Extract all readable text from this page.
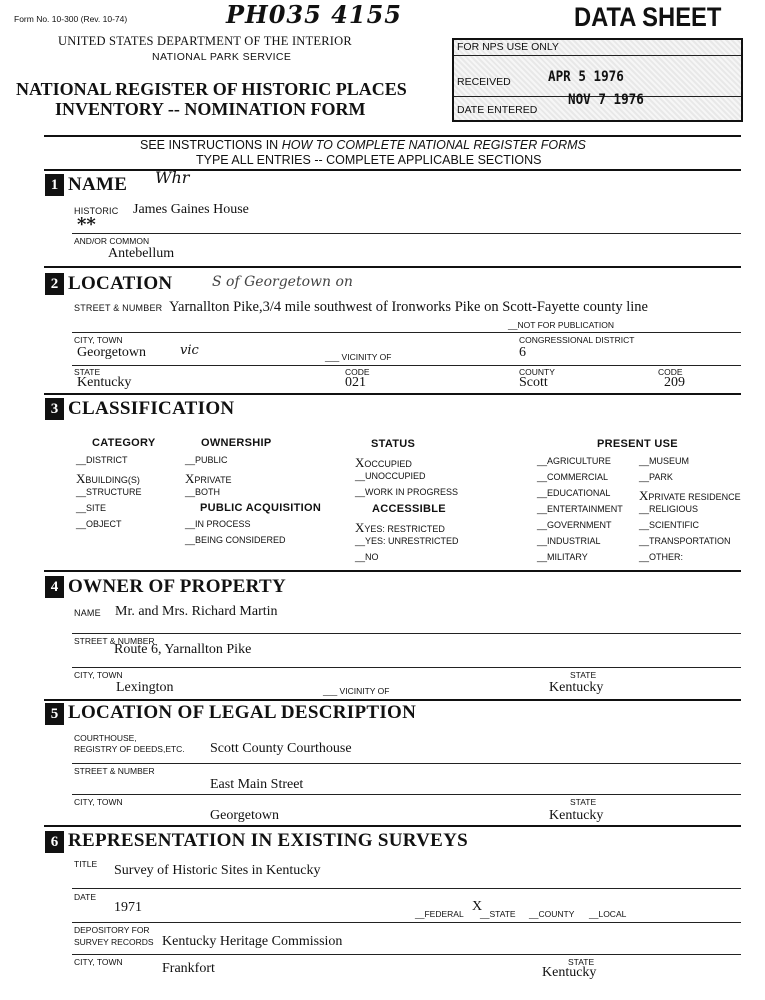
Form No. 10-300 (Rev. 10-74)	PH035 4155	DATA SHEET
UNITED STATES DEPARTMENT OF THE INTERIOR
NATIONAL PARK SERVICE
NATIONAL REGISTER OF HISTORIC PLACES
INVENTORY -- NOMINATION FORM
FOR NPS USE ONLY
RECEIVED	APR 5 1976
DATE ENTERED
NOV 7 1976
SEE INSTRUCTIONS IN HOW TO COMPLETE NATIONAL REGISTER FORMS
TYPE ALL ENTRIES -- COMPLETE APPLICABLE SECTIONS
1 NAME Whr
HISTORIC James Gaines House
**
AND/OR COMMON
Antebellum
2 LOCATION	S of Georgetown on
STREET & NUMBER Yarnallton Pike,3/4 mile southwest of Ironworks Pike on Scott-Fayette county line
__NOT FOR PUBLICATION
CITY, TOWN	CONGRESSIONAL DISTRICT
Georgetown	vic	___ VICINITY OF	6
STATE	CODE	COUNTY	CODE
Kentucky	021	Scott	209
3 CLASSIFICATION
CATEGORY
__DISTRICT
XBUILDING(S)
__STRUCTURE
__SITE
__OBJECT
OWNERSHIP
__PUBLIC
XPRIVATE
__BOTH
PUBLIC ACQUISITION
__IN PROCESS
__BEING CONSIDERED
STATUS
XOCCUPIED
__UNOCCUPIED
__WORK IN PROGRESS
ACCESSIBLE
XYES: RESTRICTED
__YES: UNRESTRICTED
__NO
PRESENT USE
__AGRICULTURE
__COMMERCIAL
__EDUCATIONAL
__ENTERTAINMENT
__GOVERNMENT
__INDUSTRIAL
__MILITARY
__MUSEUM
__PARK
XPRIVATE RESIDENCE
__RELIGIOUS
__SCIENTIFIC
__TRANSPORTATION
__OTHER:
4 OWNER OF PROPERTY
NAME Mr. and Mrs. Richard Martin
STREET & NUMBER
Route 6, Yarnallton Pike
CITY, TOWN	STATE
Lexington	___ VICINITY OF	Kentucky
5 LOCATION OF LEGAL DESCRIPTION
COURTHOUSE,
REGISTRY OF DEEDS,ETC. Scott County Courthouse
STREET & NUMBER
East Main Street
CITY, TOWN	STATE
Georgetown	Kentucky
6 REPRESENTATION IN EXISTING SURVEYS
TITLE Survey of Historic Sites in Kentucky
DATE
1971	__FEDERAL X
__STATE __COUNTY __LOCAL
DEPOSITORY FOR
SURVEY RECORDS Kentucky Heritage Commission
CITY, TOWN	STATE
Frankfort	Kentucky
